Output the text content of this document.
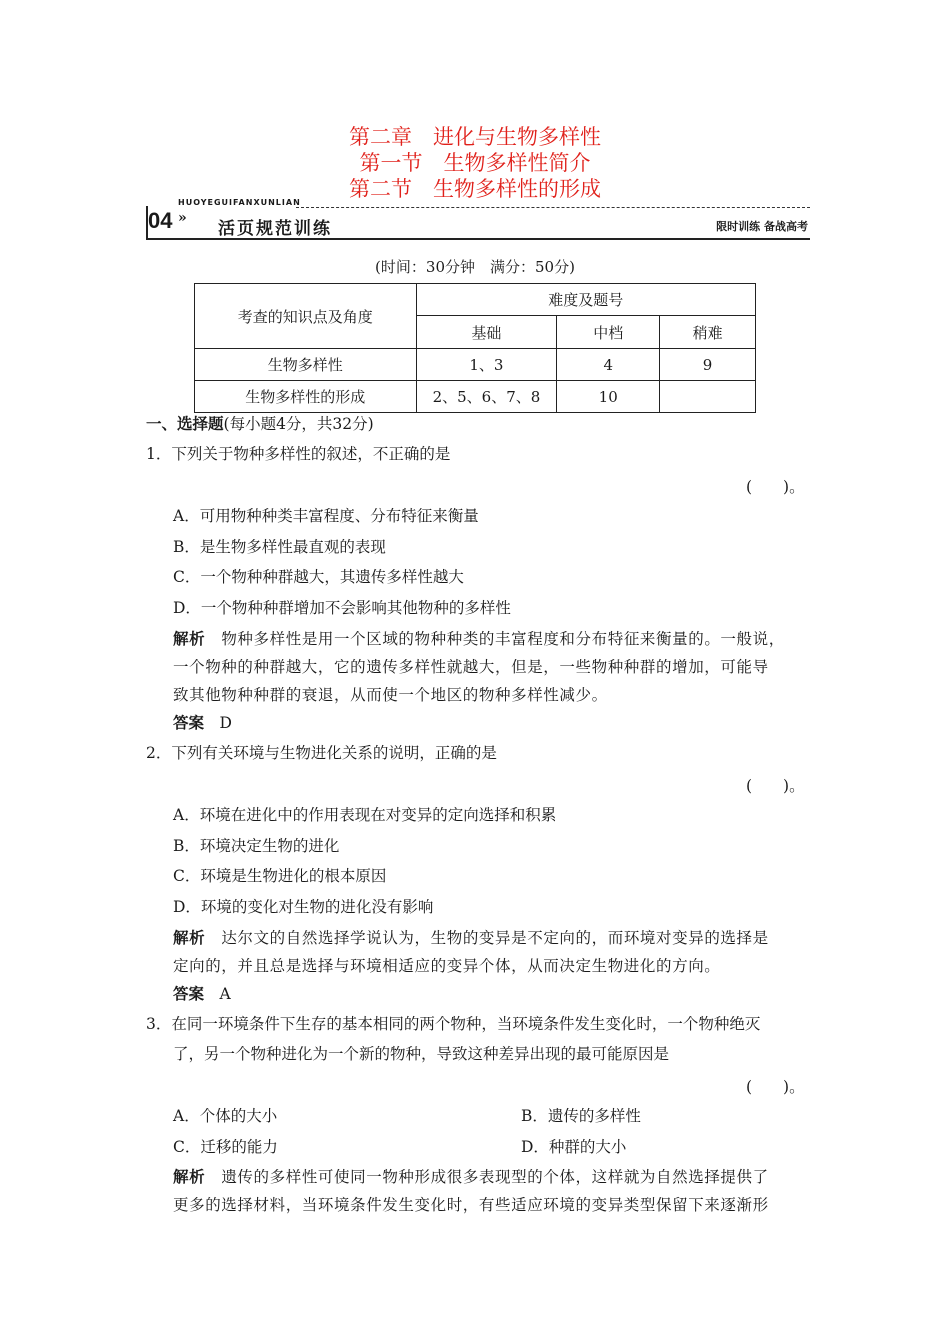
第二章　进化与生物多样性
第一节　生物多样性简介
第二节　生物多样性的形成
HUOYEGUIFANXUNLIAN
04 »
活页规范训练	限时训练 备战高考
(时间：30分钟　满分：50分)
考查的知识点及角度	难度及题号		
	基础	中档	稍难
生物多样性	1、3	4	9
生物多样性的形成	2、5、6、7、8	10	
一、选择题(每小题4分，共32分)
1．下列关于物种多样性的叙述，不正确的是
(　　)。
A．可用物种种类丰富程度、分布特征来衡量
B．是生物多样性最直观的表现
C．一个物种种群越大，其遗传多样性越大
D．一个物种种群增加不会影响其他物种的多样性
解析　 物种多样性是用一个区域的物种种类的丰富程度和分布特征来衡量的。一般说，
一个物种的种群越大，它的遗传多样性就越大，但是，一些物种种群的增加，可能导
致其他物种种群的衰退，从而使一个地区的物种多样性减少。
答案　 D
2．下列有关环境与生物进化关系的说明，正确的是
(　　)。
A．环境在进化中的作用表现在对变异的定向选择和积累
B．环境决定生物的进化
C．环境是生物进化的根本原因
D．环境的变化对生物的进化没有影响
解析　 达尔文的自然选择学说认为，生物的变异是不定向的，而环境对变异的选择是
定向的，并且总是选择与环境相适应的变异个体，从而决定生物进化的方向。
答案　 A
3．在同一环境条件下生存的基本相同的两个物种，当环境条件发生变化时，一个物种绝灭
了，另一个物种进化为一个新的物种，导致这种差异出现的最可能原因是
(　　)。
A．个体的大小	B．遗传的多样性
C．迁移的能力	D．种群的大小
解析　 遗传的多样性可使同一物种形成很多表现型的个体，这样就为自然选择提供了
更多的选择材料，当环境条件发生变化时，有些适应环境的变异类型保留下来逐渐形
